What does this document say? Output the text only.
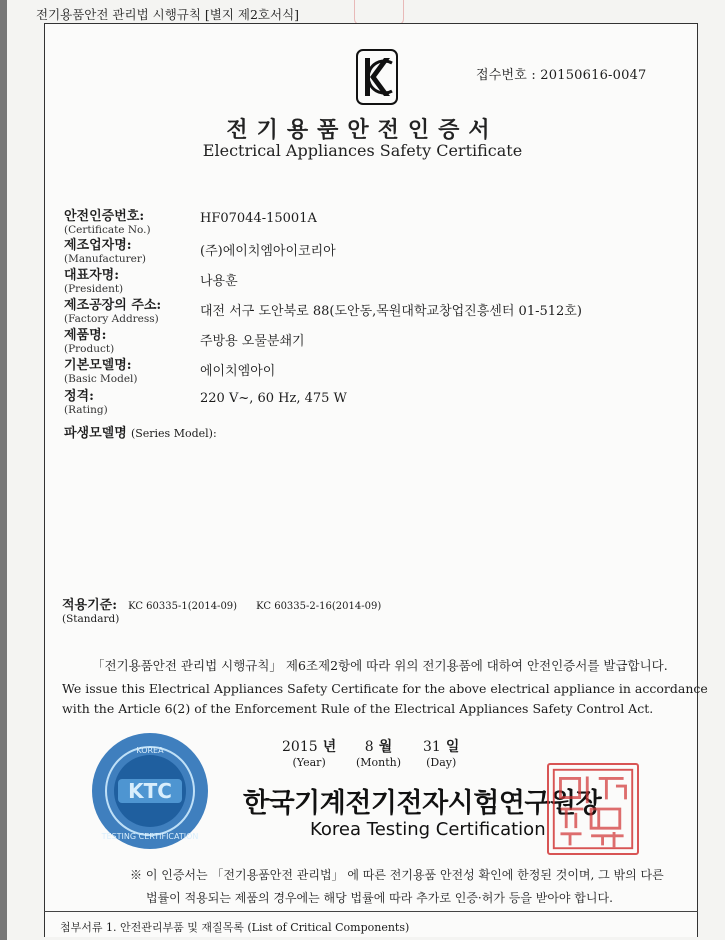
전기용품안전 관리법 시행규칙 [별지 제2호서식]
접수번호 : 20150616-0047
전기용품안전인증서
Electrical Appliances Safety Certificate
안전인증번호:
(Certificate No.)
HF07044-15001A
제조업자명:
(Manufacturer)	(주)에이치엠아이코리아
대표자명:
(President)	나용훈
제조공장의 주소:
(Factory Address)	대전 서구 도안북로 88(도안동,목원대학교창업진흥센터 01-512호)
제품명:
(Product)	주방용 오물분쇄기
기본모델명:
(Basic Model)	에이치엠아이
정격:
(Rating)
220 V~, 60 Hz, 475 W
파생모델명 (Series Model):
적용기준: KC 60335-1(2014-09) KC 60335-2-16(2014-09)
(Standard)
「전기용품안전 관리법 시행규칙」 제6조제2항에 따라 위의 전기용품에 대하여 안전인증서를 발급합니다.
We issue this Electrical Appliances Safety Certificate for the above electrical appliance in accordance
with the Article 6(2) of the Enforcement Rule of the Electrical Appliances Safety Control Act.
2015 년
(Year)
8 월
(Month)
31 일
(Day)
KTC
KOREA
TESTING CERTIFICATION
한국기계전기전자시험연구원장
Korea Testing Certification
※ 이 인증서는 「전기용품안전 관리법」 에 따른 전기용품 안전성 확인에 한정된 것이며, 그 밖의 다른
법률이 적용되는 제품의 경우에는 해당 법률에 따라 추가로 인증·허가 등을 받아야 합니다.
첨부서류 1. 안전관리부품 및 재질목록 (List of Critical Components)
